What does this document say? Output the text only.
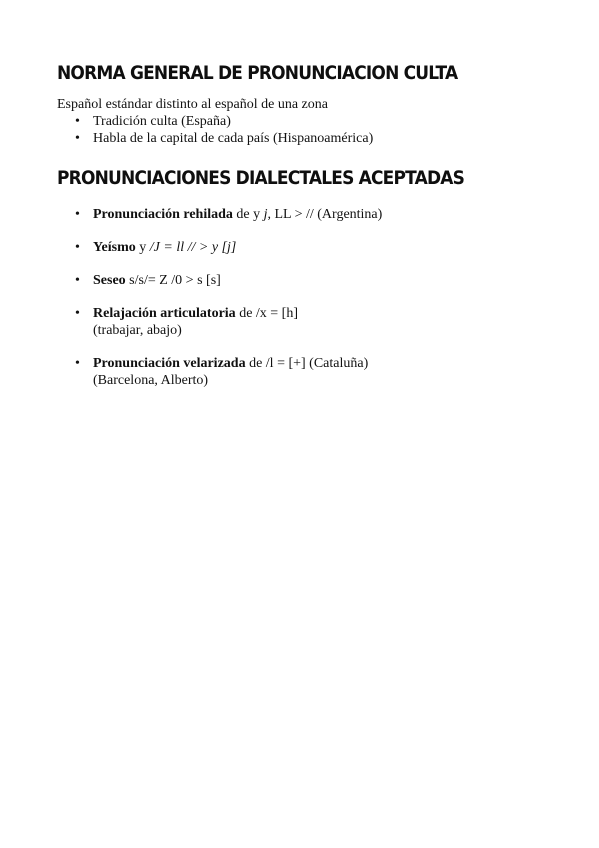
NORMA GENERAL DE PRONUNCIACION CULTA

Español estándar distinto al español de una zona

• Tradición culta (España)
• Habla de la capital de cada país (Hispanoamérica)
PRONUNCIACIONES DIALECTALES ACEPTADAS
• Pronunciación rehilada de y j, LL > // (Argentina)
• Yeísmo y /J = ll // > y [j]
• Seseo s/s/= Z /0 > s [s]
• Relajación articulatoria de /x = [h]
(trabajar, abajo)
• Pronunciación velarizada de /l = [+] (Cataluña)
(Barcelona, Alberto)
